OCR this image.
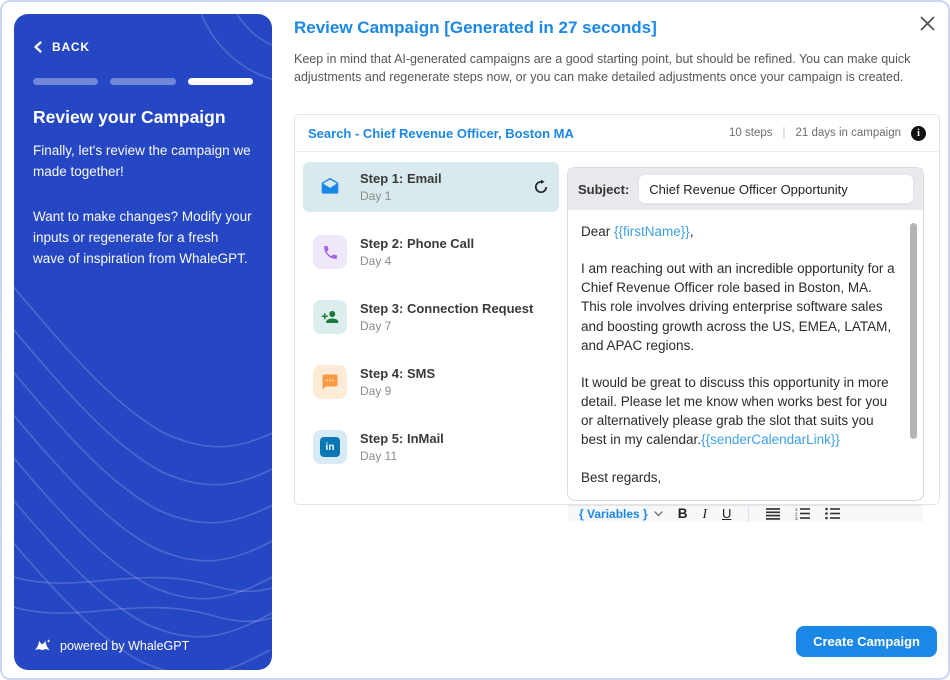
BACK
Review your Campaign

Finally, let's review the campaign we made together!

Want to make changes? Modify your inputs or regenerate for a fresh wave of inspiration from WhaleGPT.

powered by WhaleGPT
Review Campaign [Generated in 27 seconds]

Keep in mind that AI-generated campaigns are a good starting point, but should be refined. You can make quick adjustments and regenerate steps now, or you can make detailed adjustments once your campaign is created.

Search - Chief Revenue Officer, Boston MA	10 steps | 21 days in campaign	i
Step 1: Email
Day 1
Step 2: Phone Call
Day 4
Step 3: Connection Request
Day 7
Step 4: SMS
Day 9
in
Step 5: InMail
Day 11
Subject:
Chief Revenue Officer Opportunity

Dear {{firstName}},

I am reaching out with an incredible opportunity for a Chief Revenue Officer role based in Boston, MA. This role involves driving enterprise software sales and boosting growth across the US, EMEA, LATAM, and APAC regions.

It would be great to discuss this opportunity in more detail. Please let me know when works best for you or alternatively please grab the slot that suits you best in my calendar.{{senderCalendarLink}}

Best regards,

{ Variables } B I U	1
2
3
Create Campaign
